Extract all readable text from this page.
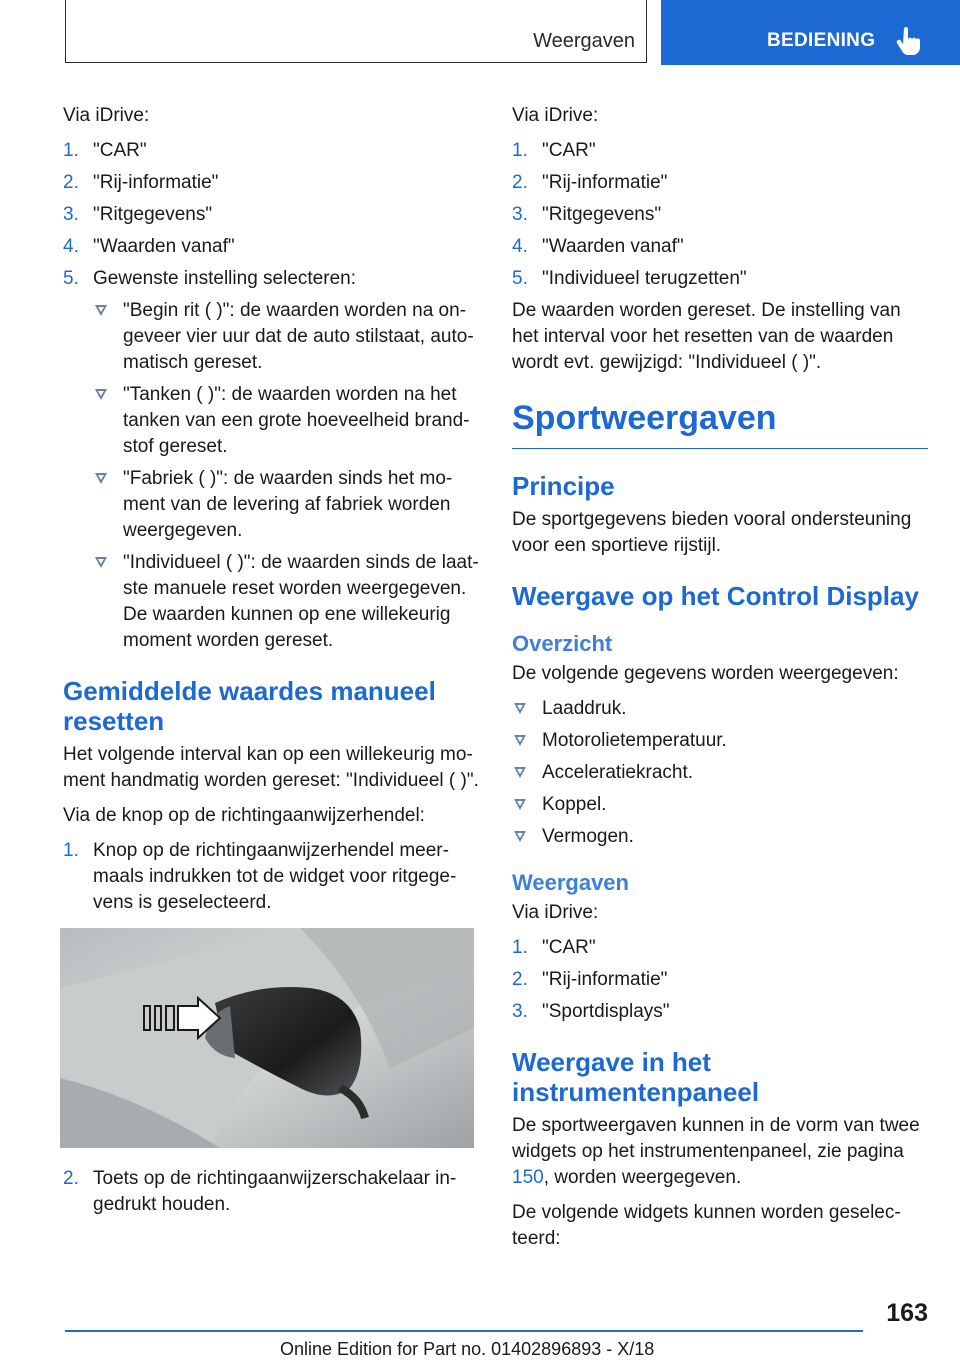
Weergaven	BEDIENING

Via iDrive:

1. "CAR"
2. "Rij-informatie"
3. "Ritgegevens"
4. "Waarden vanaf"
5. Gewenste instelling selecteren:
"Begin rit ( )": de waarden worden na ongeveer vier uur dat de auto stilstaat, automatisch gereset.
"Tanken ( )": de waarden worden na het tanken van een grote hoeveelheid brandstof gereset.
"Fabriek ( )": de waarden sinds het moment van de levering af fabriek worden weergegeven.
"Individueel ( )": de waarden sinds de laatste manuele reset worden weergegeven. De waarden kunnen op ene willekeurig moment worden gereset.
Gemiddelde waardes manueel resetten

Het volgende interval kan op een willekeurig moment handmatig worden gereset: "Individueel ( )".

Via de knop op de richtingaanwijzerhendel:

1. Knop op de richtingaanwijzerhendel meermaals indrukken tot de widget voor ritgegevens is geselecteerd.
2. Toets op de richtingaanwijzerschakelaar ingedrukt houden.

Via iDrive:

1. "CAR"
2. "Rij-informatie"
3. "Ritgegevens"
4. "Waarden vanaf"
5. "Individueel terugzetten"

De waarden worden gereset. De instelling van het interval voor het resetten van de waarden wordt evt. gewijzigd: "Individueel ( )".

Sportweergaven
Principe

De sportgegevens bieden vooral ondersteuning voor een sportieve rijstijl.

Weergave op het Control Display
Overzicht

De volgende gegevens worden weergegeven:

Laaddruk.
Motorolietemperatuur.
Acceleratiekracht.
Koppel.
Vermogen.
Weergaven

Via iDrive:

1. "CAR"
2. "Rij-informatie"
3. "Sportdisplays"
Weergave in het instrumentenpaneel

De sportweergaven kunnen in de vorm van twee widgets op het instrumentenpaneel, zie pagina 150, worden weergegeven.

De volgende widgets kunnen worden geselecteerd:

163
Online Edition for Part no. 01402896893 - X/18
